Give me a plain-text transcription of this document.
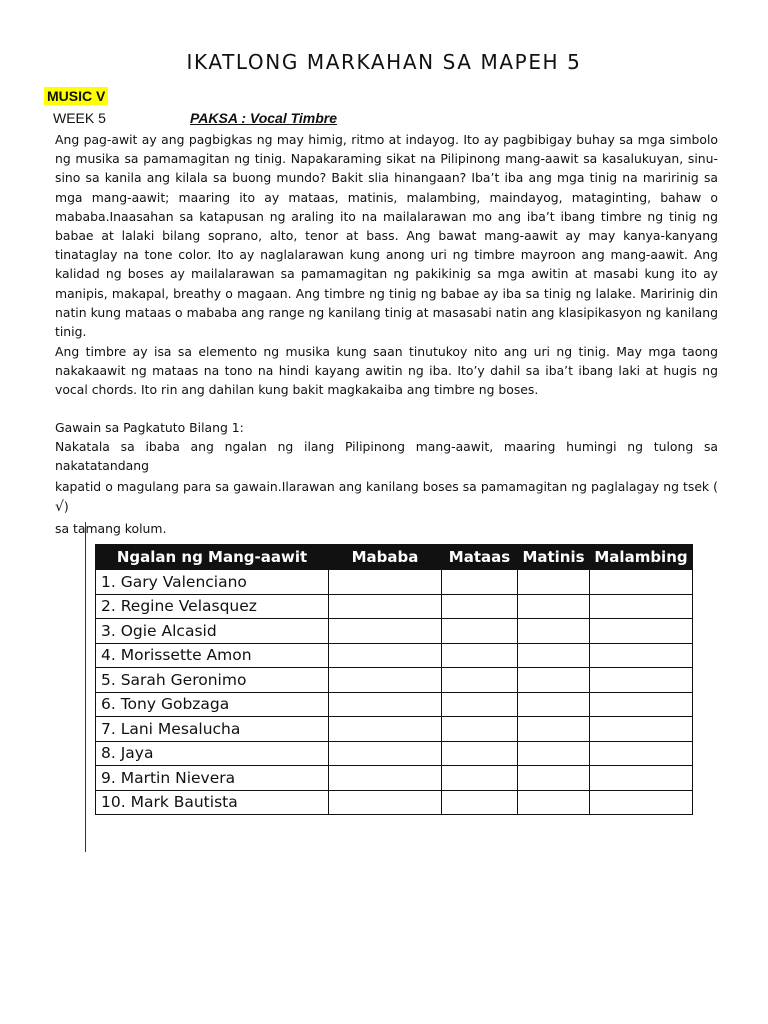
IKATLONG MARKAHAN SA MAPEH 5
MUSIC V
WEEK 5	PAKSA : Vocal Timbre
Ang pag-awit ay ang pagbigkas ng may himig, ritmo at indayog. Ito ay pagbibigay buhay sa mga simbolo ng musika sa pamamagitan ng tinig. Napakaraming sikat na Pilipinong mang-aawit sa kasalukuyan, sinu-sino sa kanila ang kilala sa buong mundo? Bakit slia hinangaan? Iba’t iba ang mga tinig na maririnig sa mga mang-aawit; maaring ito ay mataas, matinis, malambing, maindayog, mataginting, bahaw o mababa.Inaasahan sa katapusan ng araling ito na mailalarawan mo ang iba’t ibang timbre ng tinig ng babae at lalaki bilang soprano, alto, tenor at bass. Ang bawat mang-aawit ay may kanya-kanyang tinataglay na tone color. Ito ay naglalarawan kung anong uri ng timbre mayroon ang mang-aawit. Ang kalidad ng boses ay mailalarawan sa pamamagitan ng pakikinig sa mga awitin at masabi kung ito ay manipis, makapal, breathy o magaan. Ang timbre ng tinig ng babae ay iba sa tinig ng lalake. Maririnig din natin kung mataas o mababa ang range ng kanilang tinig at masasabi natin ang klasipikasyon ng kanilang tinig.
Ang timbre ay isa sa elemento ng musika kung saan tinutukoy nito ang uri ng tinig. May mga taong nakakaawit ng mataas na tono na hindi kayang awitin ng iba. Ito’y dahil sa iba’t ibang laki at hugis ng vocal chords. Ito rin ang dahilan kung bakit magkakaiba ang timbre ng boses.
Gawain sa Pagkatuto Bilang 1:
Nakatala sa ibaba ang ngalan ng ilang Pilipinong mang-aawit, maaring humingi ng tulong sa nakatatandang
kapatid o magulang para sa gawain.Ilarawan ang kanilang boses sa pamamagitan ng paglalagay ng tsek (√)
sa tamang kolum.
Ngalan ng Mang-aawit	Mababa	Mataas	Matinis	Malambing
1. Gary Valenciano				
2. Regine Velasquez				
3. Ogie Alcasid				
4. Morissette Amon				
5. Sarah Geronimo				
6. Tony Gobzaga				
7. Lani Mesalucha				
8. Jaya				
9. Martin Nievera				
10. Mark Bautista				
